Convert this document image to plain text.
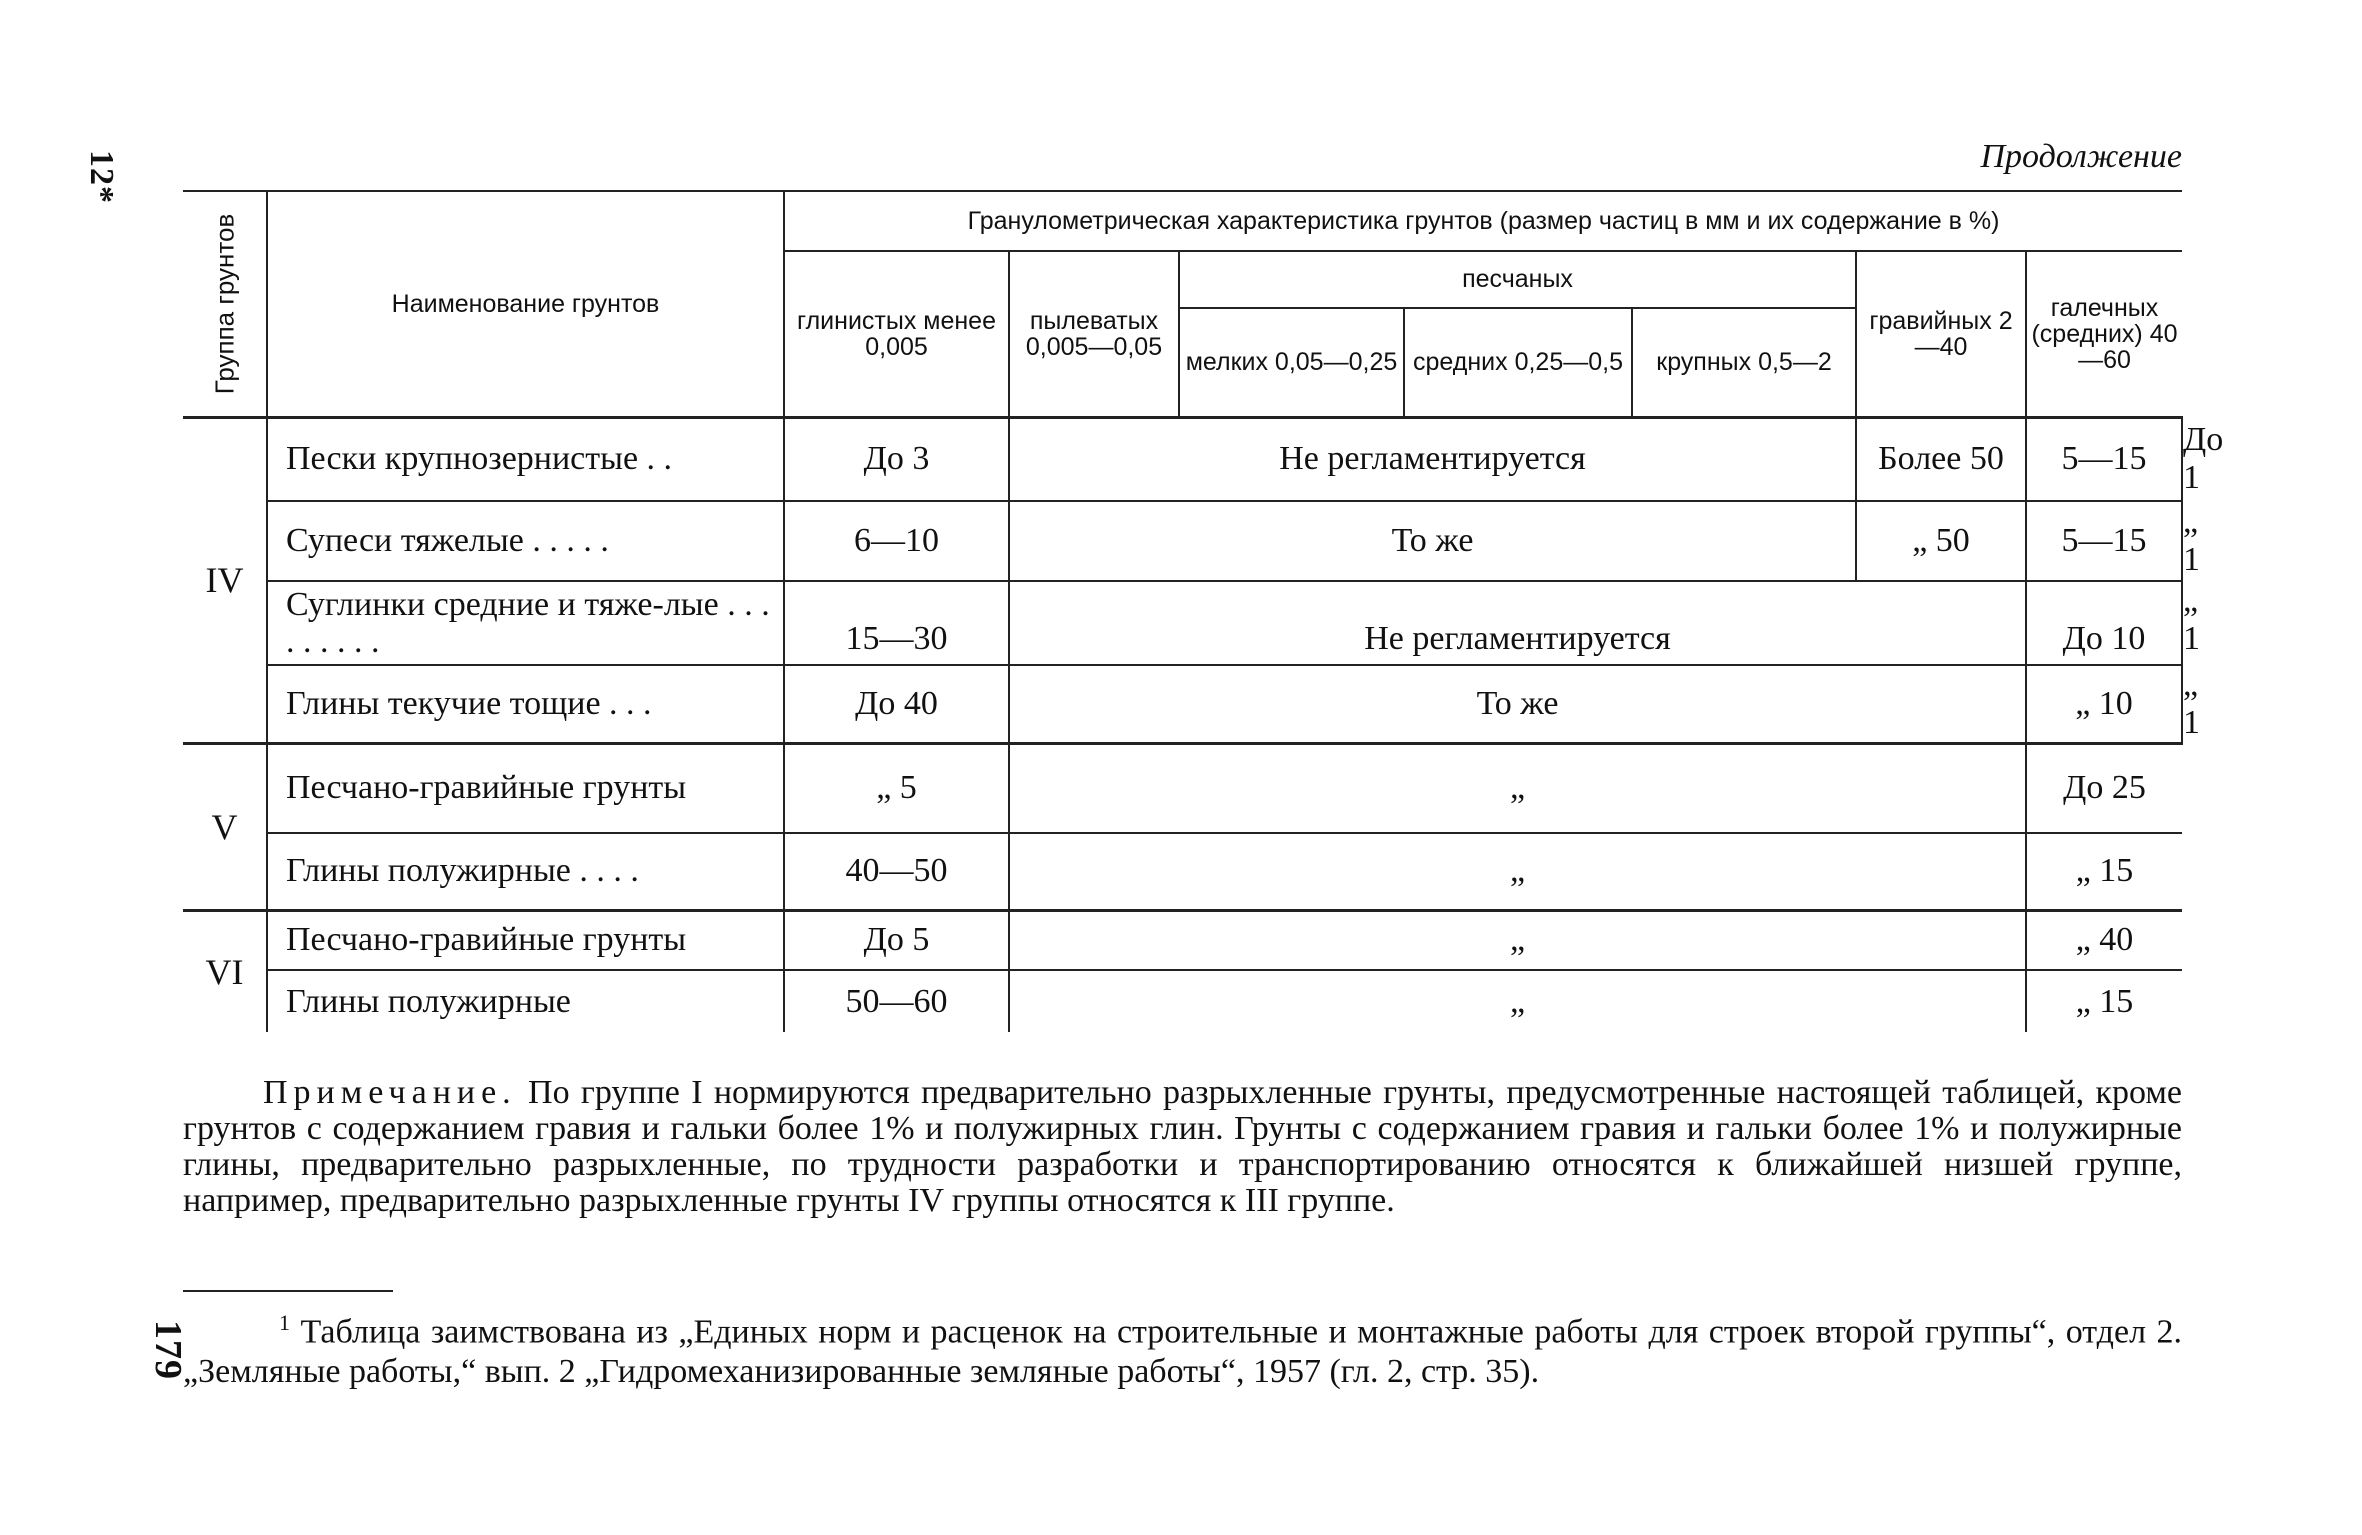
12*
179
Продолжение
Группа грунтов	Наименование грунтов	Гранулометрическая характеристика грунтов (размер частиц в мм и их содержание в %)							
		глинистых менее 0,005	пылеватых 0,005—0,05	песчаных			гравийных 2—40	галечных (средних) 40—60	
				мелких 0,05—0,25	средних 0,25—0,5	крупных 0,5—2			
IV	Пески крупнозернистые . .	До 3	Не регламентируется				Более 50	5—15	До 1
	Супеси тяжелые . . . . .	6—10	То же				„ 50	5—15	„ 1
	Суглинки средние и тяже-лые . . . . . . . . .	15—30	Не регламентируется					До 10	„ 1
	Глины текучие тощие . . .	До 40	То же					„ 10	„ 1
V	Песчано-гравийные грунты	„ 5	„					До 25	
	Глины полужирные . . . .	40—50	„					„ 15	
VI	Песчано-гравийные грунты	До 5	„					„ 40	
	Глины полужирные	50—60	„					„ 15	
Примечание. По группе I нормируются предварительно разрыхленные грунты, предусмотренные настоящей таблицей, кроме грунтов с содержанием гравия и гальки более 1% и полужирных глин. Грунты с содержанием гравия и гальки более 1% и полужирные глины, предварительно разрыхленные, по трудности разработки и транспортированию относятся к ближайшей низшей группе, например, предварительно разрыхленные грунты IV группы относятся к III группе.
$^1$ Таблица заимствована из „Единых норм и расценок на строительные и монтажные работы для строек второй группы“, отдел 2. „Земляные работы,“ вып. 2 „Гидромеханизированные земляные работы“, 1957 (гл. 2, стр. 35).
